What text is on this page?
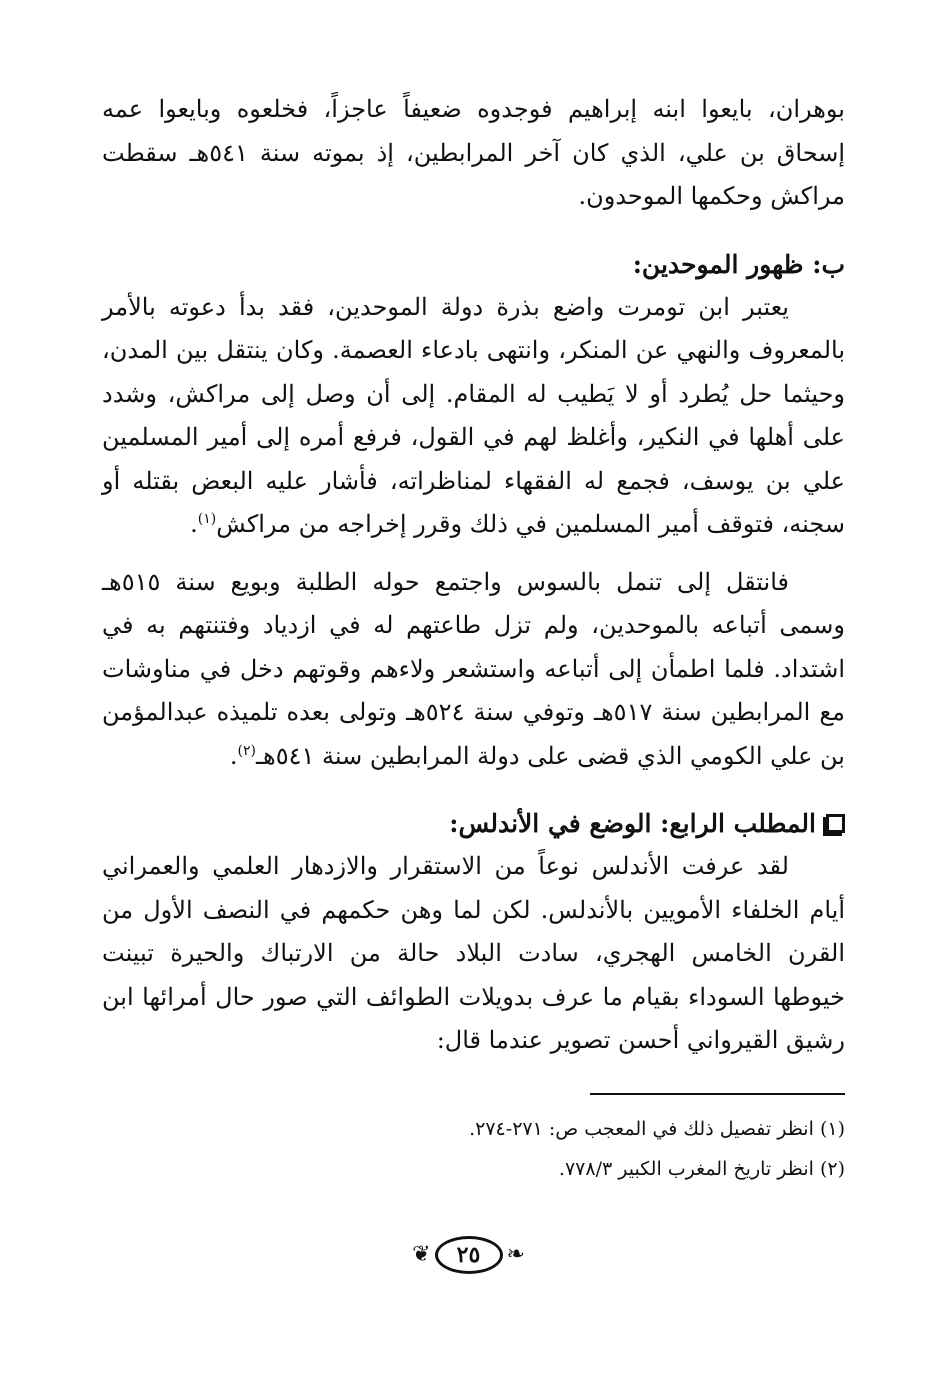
بوهران، بايعوا ابنه إبراهيم فوجدوه ضعيفاً عاجزاً، فخلعوه وبايعوا عمه إسحاق بن علي، الذي كان آخر المرابطين، إذ بموته سنة ٥٤١هـ سقطت مراكش وحكمها الموحدون.

ب: ظهور الموحدين:

يعتبر ابن تومرت واضع بذرة دولة الموحدين، فقد بدأ دعوته بالأمر بالمعروف والنهي عن المنكر، وانتهى بادعاء العصمة. وكان ينتقل بين المدن، وحيثما حل يُطرد أو لا يَطيب له المقام. إلى أن وصل إلى مراكش، وشدد على أهلها في النكير، وأغلظ لهم في القول، فرفع أمره إلى أمير المسلمين علي بن يوسف، فجمع له الفقهاء لمناظراته، فأشار عليه البعض بقتله أو سجنه، فتوقف أمير المسلمين في ذلك وقرر إخراجه من مراكش$^{(١)}$.

فانتقل إلى تنمل بالسوس واجتمع حوله الطلبة وبويع سنة ٥١٥هـ وسمى أتباعه بالموحدين، ولم تزل طاعتهم له في ازدياد وفتنتهم به في اشتداد. فلما اطمأن إلى أتباعه واستشعر ولاءهم وقوتهم دخل في مناوشات مع المرابطين سنة ٥١٧هـ وتوفي سنة ٥٢٤هـ وتولى بعده تلميذه عبدالمؤمن بن علي الكومي الذي قضى على دولة المرابطين سنة ٥٤١هـ$^{(٢)}$.

المطلب الرابع: الوضع في الأندلس:

لقد عرفت الأندلس نوعاً من الاستقرار والازدهار العلمي والعمراني أيام الخلفاء الأمويين بالأندلس. لكن لما وهن حكمهم في النصف الأول من القرن الخامس الهجري، سادت البلاد حالة من الارتباك والحيرة تبينت خيوطها السوداء بقيام ما عرف بدويلات الطوائف التي صور حال أمرائها ابن رشيق القيرواني أحسن تصوير عندما قال:

(١) انظر تفصيل ذلك في المعجب ص: ٢٧١-٢٧٤.

(٢) انظر تاريخ المغرب الكبير ٧٧٨/٣.

❦	٢٥	❧
